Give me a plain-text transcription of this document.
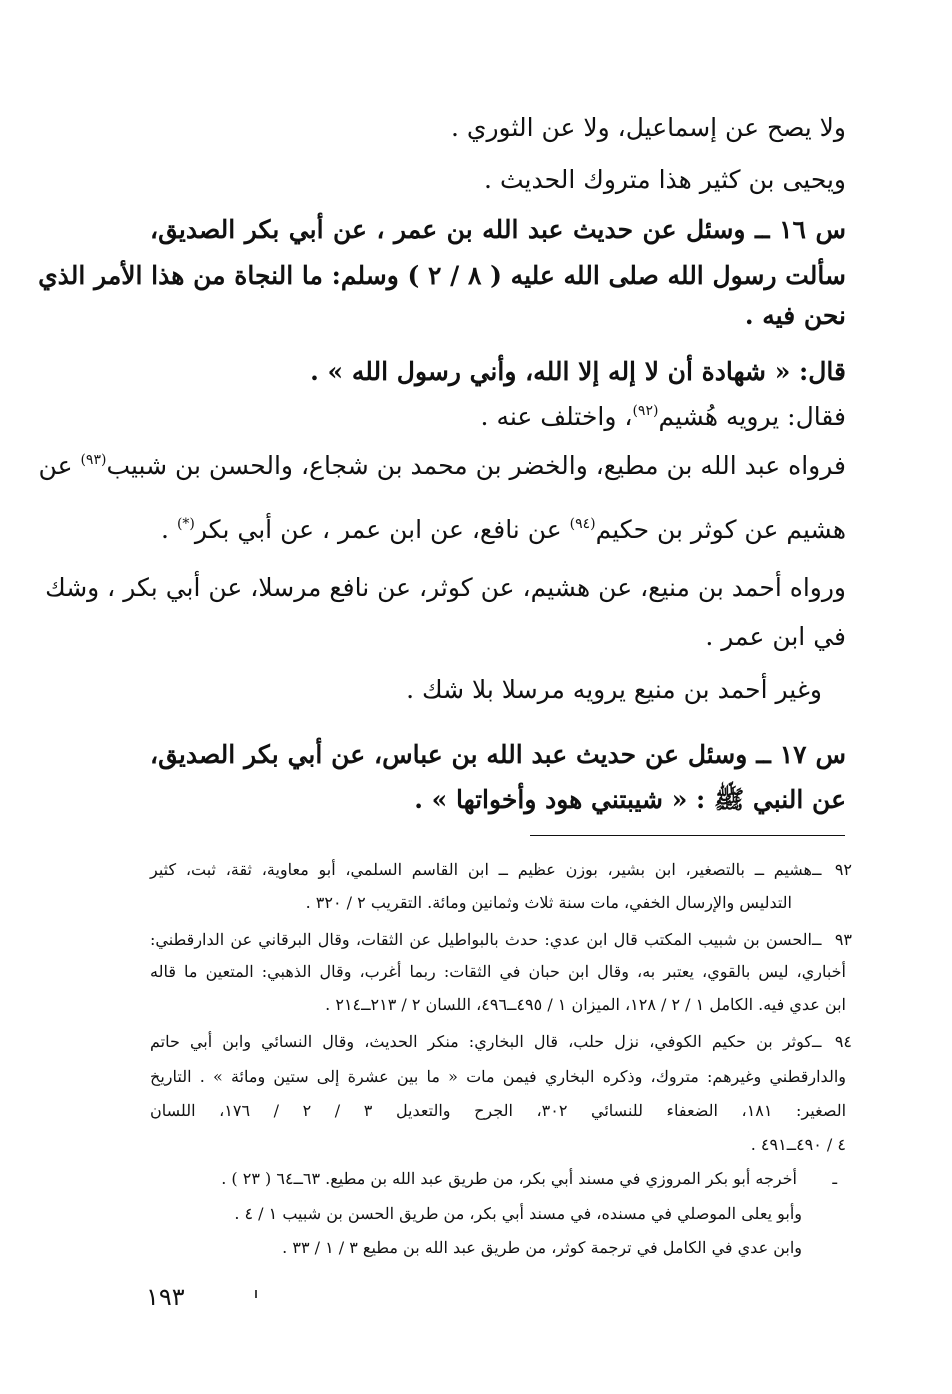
ولا يصح عن إسماعيل، ولا عن الثوري .
ويحيى بن كثير هذا متروك الحديث .
س ١٦ ــ وسئل عن حديث عبد الله بن عمر ، عن أبي بكر الصديق،
سألت رسول الله صلى الله عليه ( ٨ / ٢ ) وسلم: ما النجاة من هذا الأمر الذي
نحن فيه .
قال: « شهادة أن لا إله إلا الله، وأني رسول الله » .
فقال: يرويه هُشيم$^{(٩٢)}$، واختلف عنه .
فرواه عبد الله بن مطيع، والخضر بن محمد بن شجاع، والحسن بن شبيب$^{(٩٣)}$ عن
هشيم عن كوثر بن حكيم$^{(٩٤)}$ عن نافع، عن ابن عمر ، عن أبي بكر(*) .
ورواه أحمد بن منيع، عن هشيم، عن كوثر، عن نافع مرسلا، عن أبي بكر ، وشك
في ابن عمر .
وغير أحمد بن منيع يرويه مرسلا بلا شك .
س ١٧ ــ وسئل عن حديث عبد الله بن عباس، عن أبي بكر الصديق،
عن النبي ﷺ : « شيبتني هود وأخواتها » .
٩٢ ــهشيم ــ بالتصغير، ابن بشير، بوزن عظيم ــ ابن القاسم السلمي، أبو معاوية، ثقة، ثبت، كثير
التدليس والإرسال الخفي، مات سنة ثلاث وثمانين ومائة. التقريب ٢ / ٣٢٠ .
٩٣ ــالحسن بن شبيب المكتب قال ابن عدي: حدث بالبواطيل عن الثقات، وقال البرقاني عن الدارقطني:
أخباري، ليس بالقوي، يعتبر به، وقال ابن حبان في الثقات: ربما أغرب، وقال الذهبي: المتعين ما قاله
ابن عدي فيه. الكامل ١ / ٢ / ١٢٨، الميزان ١ / ٤٩٥ــ٤٩٦، اللسان ٢ / ٢١٣ــ٢١٤ .
٩٤ ــكوثر بن حكيم الكوفي، نزل حلب، قال البخاري: منكر الحديث، وقال النسائي وابن أبي حاتم
والدارقطني وغيرهم: متروك، وذكره البخاري فيمن مات « ما بين عشرة إلى ستين ومائة » . التاريخ
الصغير: ١٨١، الضعفاء للنسائي ٣٠٢، الجرح والتعديل ٣ / ٢ / ١٧٦، اللسان
٤ / ٤٩٠ــ٤٩١ .
ـأخرجه أبو بكر المروزي في مسند أبي بكر، من طريق عبد الله بن مطيع. ٦٣ــ٦٤ ( ٢٣ ) .
وأبو يعلى الموصلي في مسنده، في مسند أبي بكر، من طريق الحسن بن شبيب ١ / ٤ .
وابن عدي في الكامل في ترجمة كوثر، من طريق عبد الله بن مطيع ٣ / ١ / ٣٣ .
١٩٣
